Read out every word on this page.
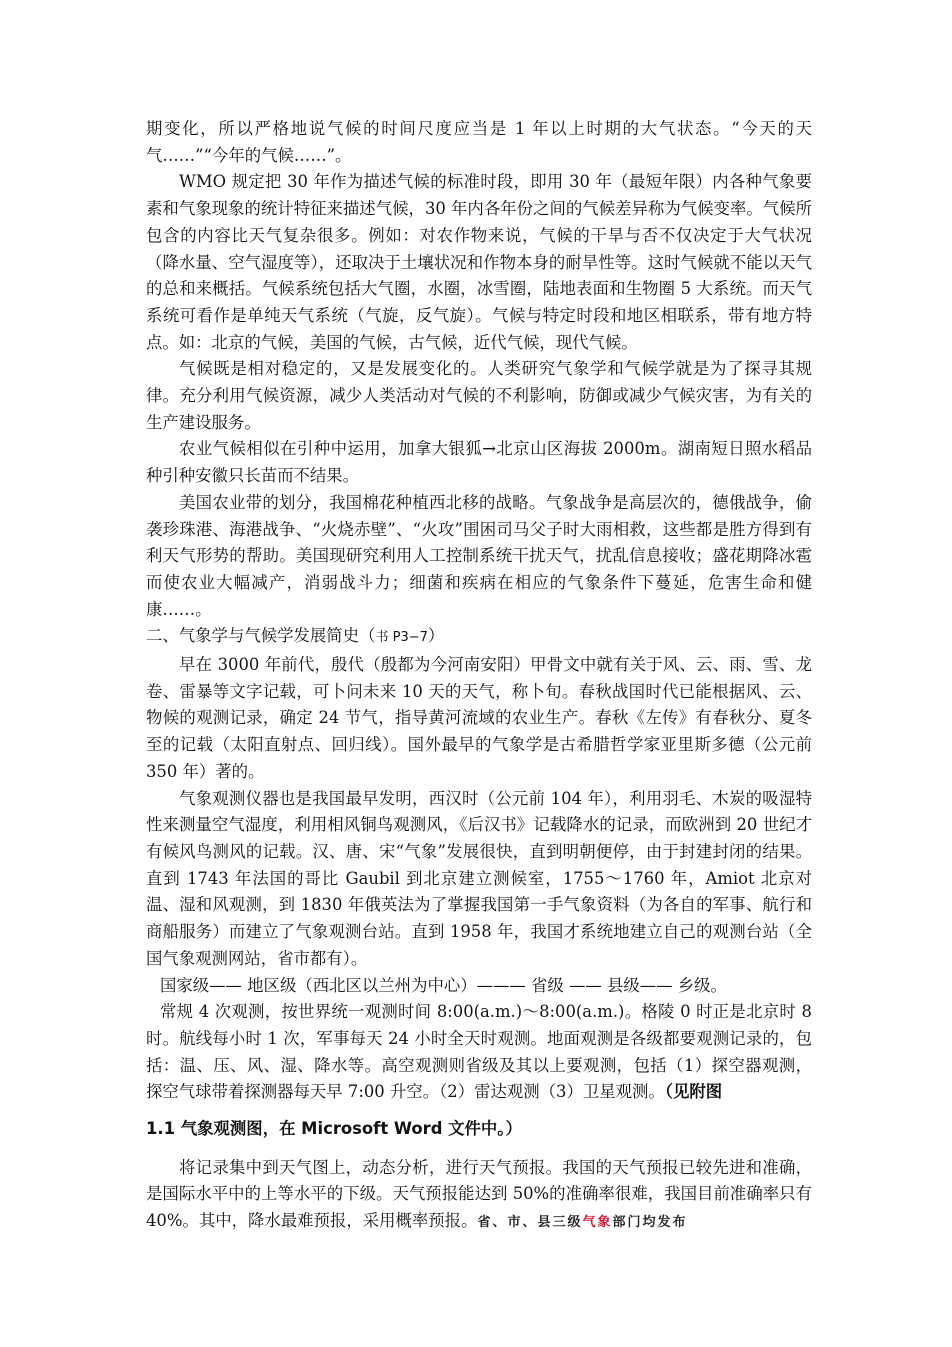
期变化，所以严格地说气候的时间尺度应当是 1 年以上时期的大气状态。“今天的天气……”“今年的气候……”。

WMO 规定把 30 年作为描述气候的标准时段，即用 30 年（最短年限）内各种气象要素和气象现象的统计特征来描述气候，30 年内各年份之间的气候差异称为气候变率。气候所包含的内容比天气复杂很多。例如：对农作物来说，气候的干旱与否不仅决定于大气状况（降水量、空气湿度等），还取决于土壤状况和作物本身的耐旱性等。这时气候就不能以天气的总和来概括。气候系统包括大气圈，水圈，冰雪圈，陆地表面和生物圈 5 大系统。而天气系统可看作是单纯天气系统（气旋，反气旋）。气候与特定时段和地区相联系，带有地方特点。如：北京的气候，美国的气候，古气候，近代气候，现代气候。

气候既是相对稳定的，又是发展变化的。人类研究气象学和气候学就是为了探寻其规律。充分利用气候资源，减少人类活动对气候的不利影响，防御或减少气候灾害，为有关的生产建设服务。

农业气候相似在引种中运用，加拿大银狐→北京山区海拔 2000m。湖南短日照水稻品种引种安徽只长苗而不结果。

美国农业带的划分，我国棉花种植西北移的战略。气象战争是高层次的，德俄战争，偷袭珍珠港、海港战争、“火烧赤壁”、“火攻”围困司马父子时大雨相救，这些都是胜方得到有利天气形势的帮助。美国现研究利用人工控制系统干扰天气，扰乱信息接收；盛花期降冰雹而使农业大幅减产，消弱战斗力；细菌和疾病在相应的气象条件下蔓延，危害生命和健康……。

二、气象学与气候学发展简史（书 P3−7）

早在 3000 年前代，殷代（殷都为今河南安阳）甲骨文中就有关于风、云、雨、雪、龙卷、雷暴等文字记载，可卜问未来 10 天的天气，称卜旬。春秋战国时代已能根据风、云、物候的观测记录，确定 24 节气，指导黄河流域的农业生产。春秋《左传》有春秋分、夏冬至的记载（太阳直射点、回归线）。国外最早的气象学是古希腊哲学家亚里斯多德（公元前 350 年）著的。

气象观测仪器也是我国最早发明，西汉时（公元前 104 年），利用羽毛、木炭的吸湿特性来测量空气湿度，利用相风铜鸟观测风，《后汉书》记载降水的记录，而欧洲到 20 世纪才有候风鸟测风的记载。汉、唐、宋“气象”发展很快，直到明朝便停，由于封建封闭的结果。直到 1743 年法国的哥比 Gaubil 到北京建立测候室，1755～1760 年，Amiot 北京对温、湿和风观测，到 1830 年俄英法为了掌握我国第一手气象资料（为各自的军事、航行和商船服务）而建立了气象观测台站。直到 1958 年，我国才系统地建立自己的观测台站（全国气象观测网站，省市都有）。

国家级—— 地区级（西北区以兰州为中心）——— 省级 —— 县级—— 乡级。

常规 4 次观测，按世界统一观测时间 8:00(a.m.)～8:00(a.m.)。格陵 0 时正是北京时 8 时。航线每小时 1 次，军事每天 24 小时全天时观测。地面观测是各级都要观测记录的，包括：温、压、风、湿、降水等。高空观测则省级及其以上要观测，包括（1）探空器观测，探空气球带着探测器每天早 7:00 升空。（2）雷达观测（3）卫星观测。（见附图

1.1 气象观测图，在 Microsoft Word 文件中。）

将记录集中到天气图上，动态分析，进行天气预报。我国的天气预报已较先进和准确，是国际水平中的上等水平的下级。天气预报能达到 50%的准确率很难，我国目前准确率只有 40%。其中，降水最难预报，采用概率预报。省、市、县三级气象部门均发布
